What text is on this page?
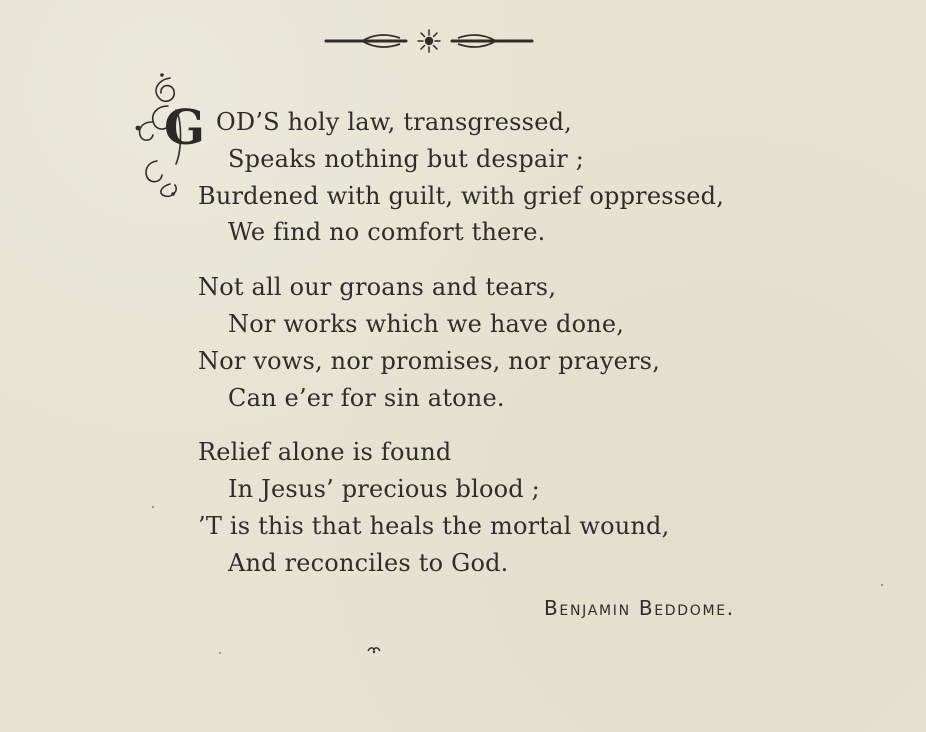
G OD’S holy law, transgressed,
Speaks nothing but despair ;
Burdened with guilt, with grief oppressed,
We find no comfort there.
Not all our groans and tears,
Nor works which we have done,
Nor vows, nor promises, nor prayers,
Can e’er for sin atone.
Relief alone is found
In Jesus’ precious blood ;
’T is this that heals the mortal wound,
And reconciles to God.
Benjamin Beddome.
